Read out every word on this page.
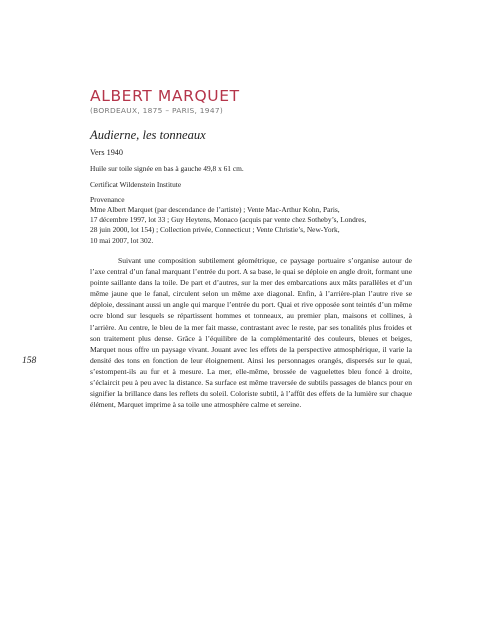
ALBERT MARQUET
(BORDEAUX, 1875 – PARIS, 1947)
Audierne, les tonneaux
Vers 1940
Huile sur toile signée en bas à gauche 49,8 x 61 cm.
Certificat Wildenstein Institute
Provenance
Mme Albert Marquet (par descendance de l’artiste) ; Vente Mac-Arthur Kohn, Paris,
17 décembre 1997, lot 33 ; Guy Heytens, Monaco (acquis par vente chez Sotheby’s, Londres,
28 juin 2000, lot 154) ; Collection privée, Connecticut ; Vente Christie’s, New-York,
10 mai 2007, lot 302.
158

Suivant une composition subtilement géométrique, ce paysage portuaire s’organise autour de l’axe central d’un fanal marquant l’entrée du port. A sa base, le quai se déploie en angle droit, formant une pointe saillante dans la toile. De part et d’autres, sur la mer des embarcations aux mâts parallèles et d’un même jaune que le fanal, circulent selon un même axe diagonal. Enfin, à l’arrière-plan l’autre rive se déploie, dessinant aussi un angle qui marque l’entrée du port. Quai et rive opposée sont teintés d’un même ocre blond sur lesquels se répartissent hommes et tonneaux, au premier plan, maisons et collines, à l’arrière. Au centre, le bleu de la mer fait masse, contrastant avec le reste, par ses tonalités plus froides et son traitement plus dense. Grâce à l’équilibre de la complémentarité des couleurs, bleues et beiges, Marquet nous offre un paysage vivant. Jouant avec les effets de la perspective atmosphérique, il varie la densité des tons en fonction de leur éloignement. Ainsi les personnages orangés, dispersés sur le quai, s’estompent-ils au fur et à mesure. La mer, elle-même, brossée de vaguelettes bleu foncé à droite, s’éclaircit peu à peu avec la distance. Sa surface est même traversée de subtils passages de blancs pour en signifier la brillance dans les reflets du soleil. Coloriste subtil, à l’affût des effets de la lumière sur chaque élément, Marquet imprime à sa toile une atmosphère calme et sereine.
